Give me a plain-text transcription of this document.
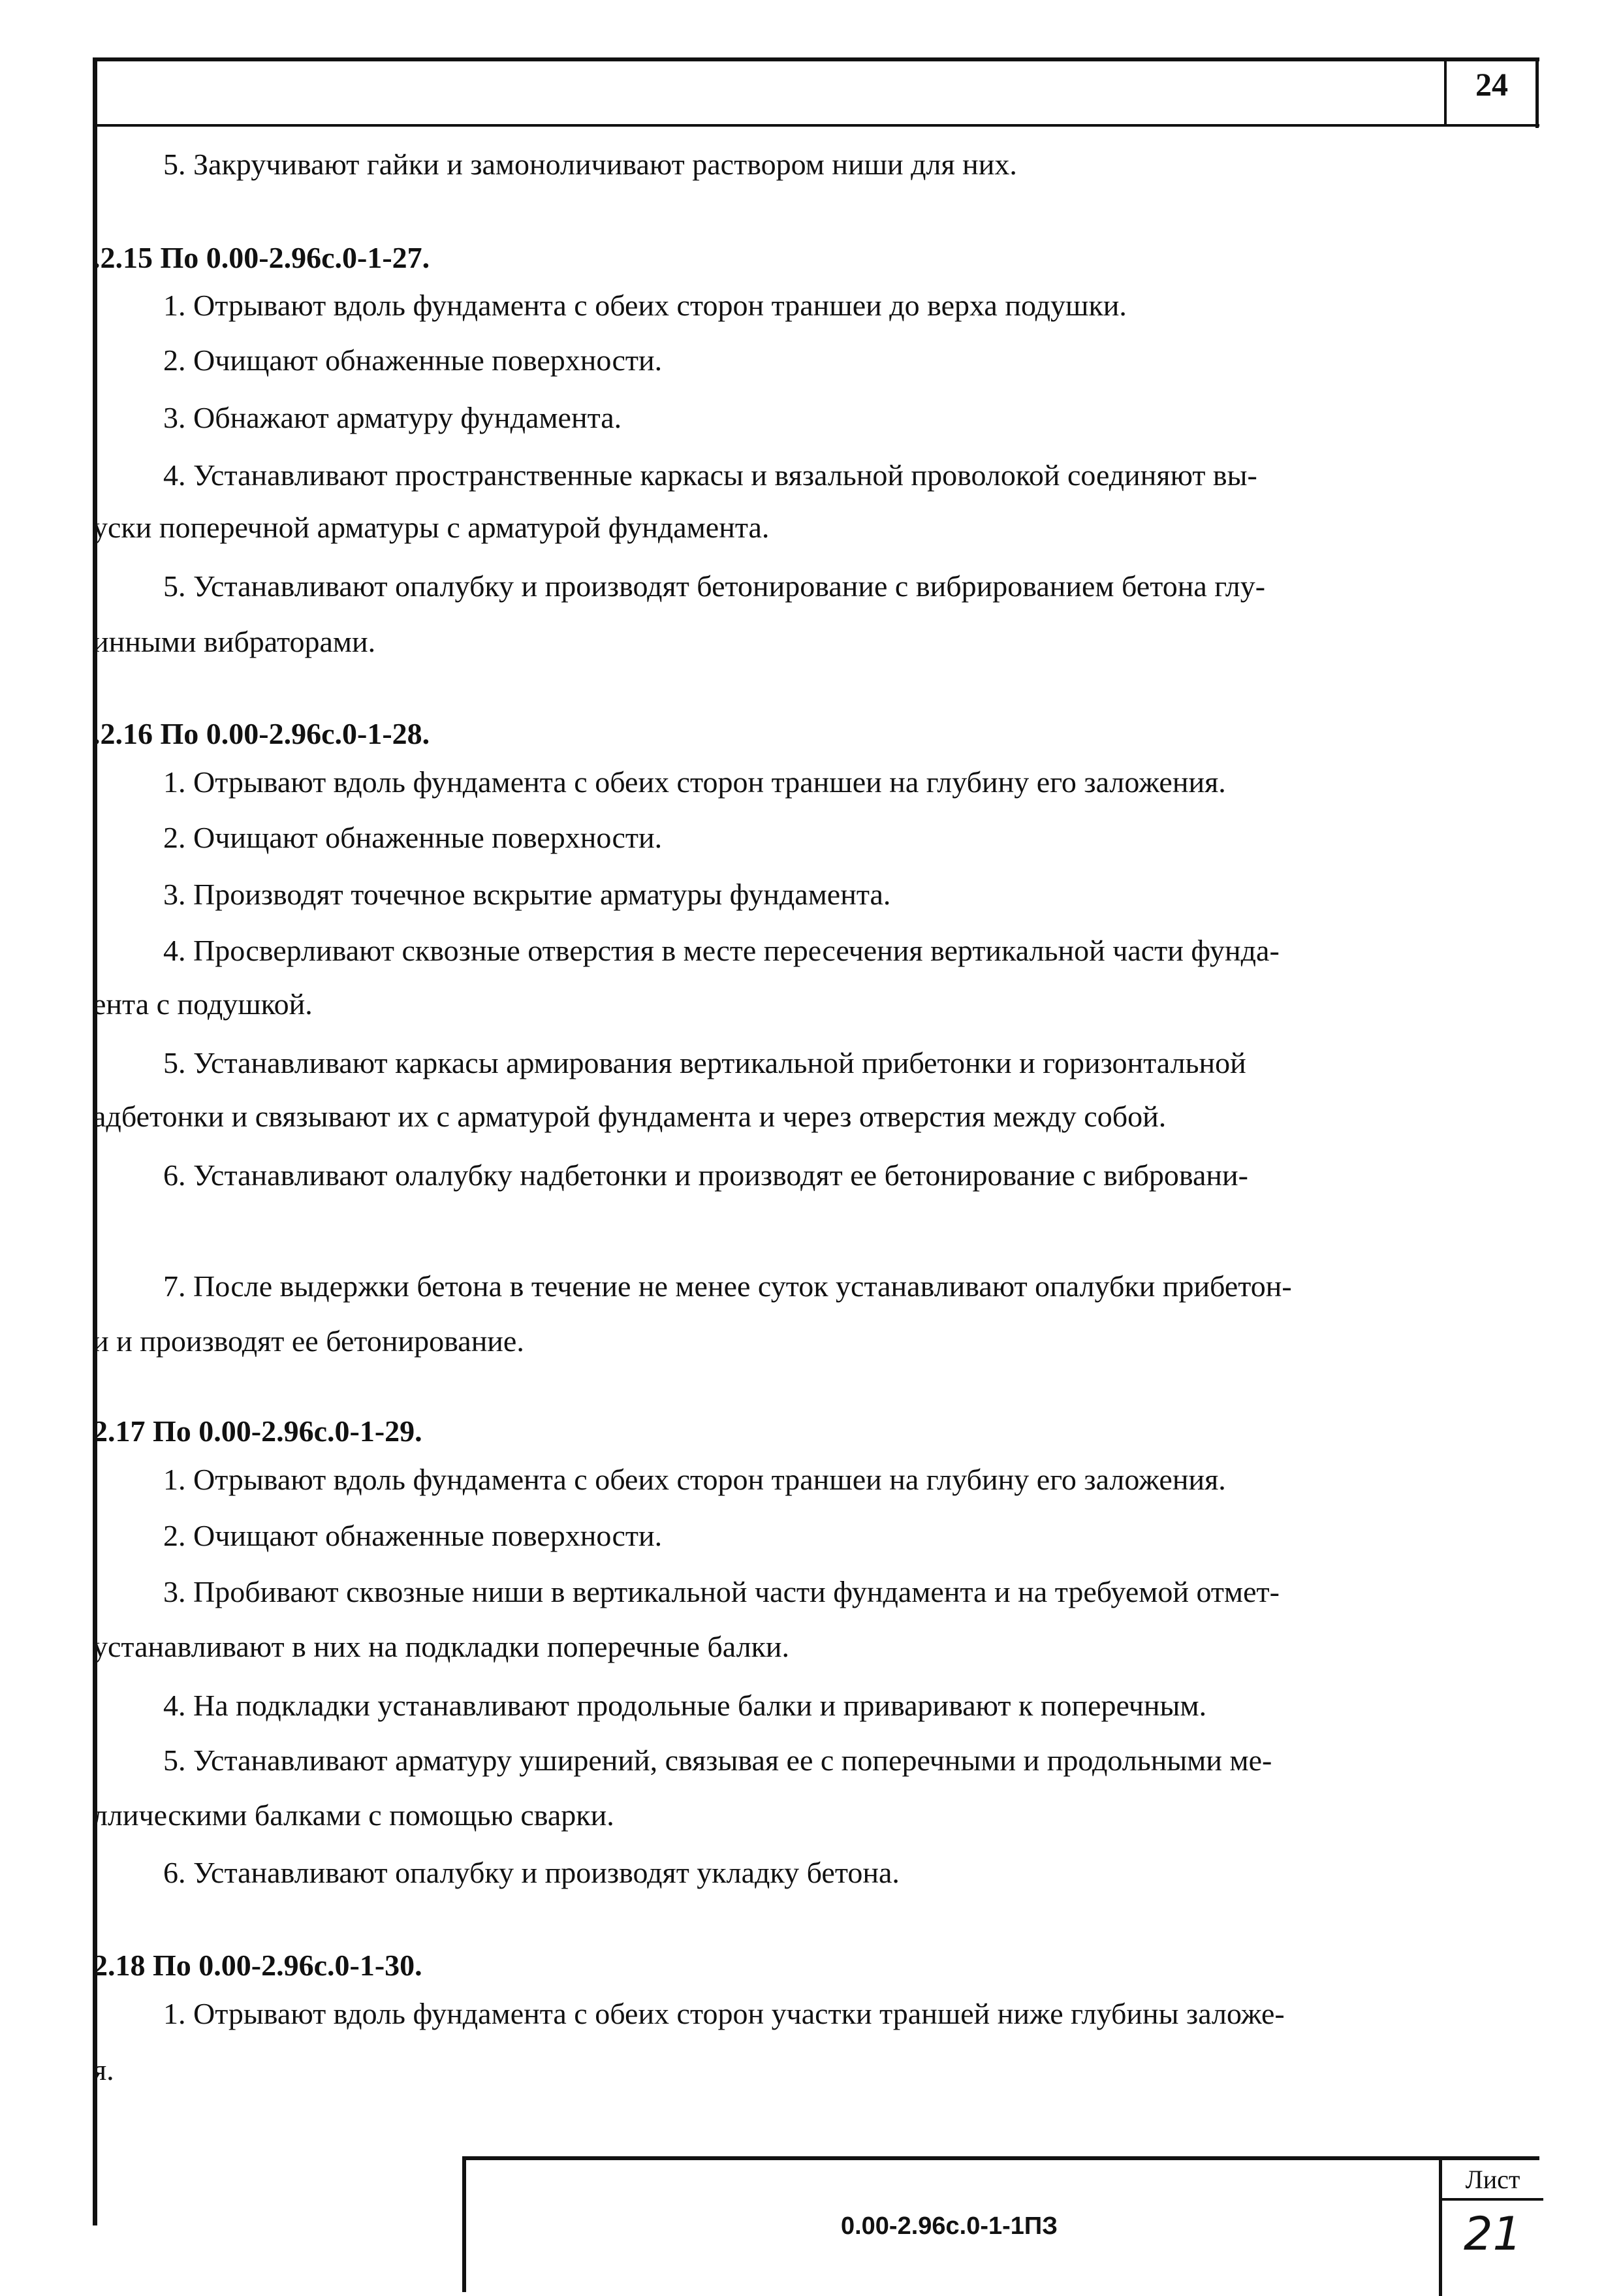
24
5. Закручивают гайки и замоноличивают раствором ниши для них.
.2.15 По 0.00-2.96с.0-1-27.
1. Отрывают вдоль фундамента с обеих сторон траншеи до верха подушки.
2. Очищают обнаженные поверхности.
3. Обнажают арматуру фундамента.
4. Устанавливают пространственные каркасы и вязальной проволокой соединяют вы-
уски поперечной арматуры с арматурой фундамента.
5. Устанавливают опалубку и производят бетонирование с вибрированием бетона глу-
инными вибраторами.
.2.16 По 0.00-2.96с.0-1-28.
1. Отрывают вдоль фундамента с обеих сторон траншеи на глубину его заложения.
2. Очищают обнаженные поверхности.
3. Производят точечное вскрытие арматуры фундамента.
4. Просверливают сквозные отверстия в месте пересечения вертикальной части фунда-
ента с подушкой.
5. Устанавливают каркасы армирования вертикальной прибетонки и горизонтальной
адбетонки и связывают их с арматурой фундамента и через отверстия между собой.
6. Устанавливают олалубку надбетонки и производят ее бетонирование с вибровани-
7. После выдержки бетона в течение не менее суток устанавливают опалубки прибетон-
и и производят ее бетонирование.
2.17 По 0.00-2.96с.0-1-29.
1. Отрывают вдоль фундамента с обеих сторон траншеи на глубину его заложения.
2. Очищают обнаженные поверхности.
3. Пробивают сквозные ниши в вертикальной части фундамента и на требуемой отмет-
устанавливают в них на подкладки поперечные балки.
4. На подкладки устанавливают продольные балки и приваривают к поперечным.
5. Устанавливают арматуру уширений, связывая ее с поперечными и продольными ме-
ллическими балками с помощью сварки.
6. Устанавливают опалубку и производят укладку бетона.
2.18 По 0.00-2.96с.0-1-30.
1. Отрывают вдоль фундамента с обеих сторон участки траншей ниже глубины заложе-
я.
0.00-2.96с.0-1-1ПЗ
Лист
21
